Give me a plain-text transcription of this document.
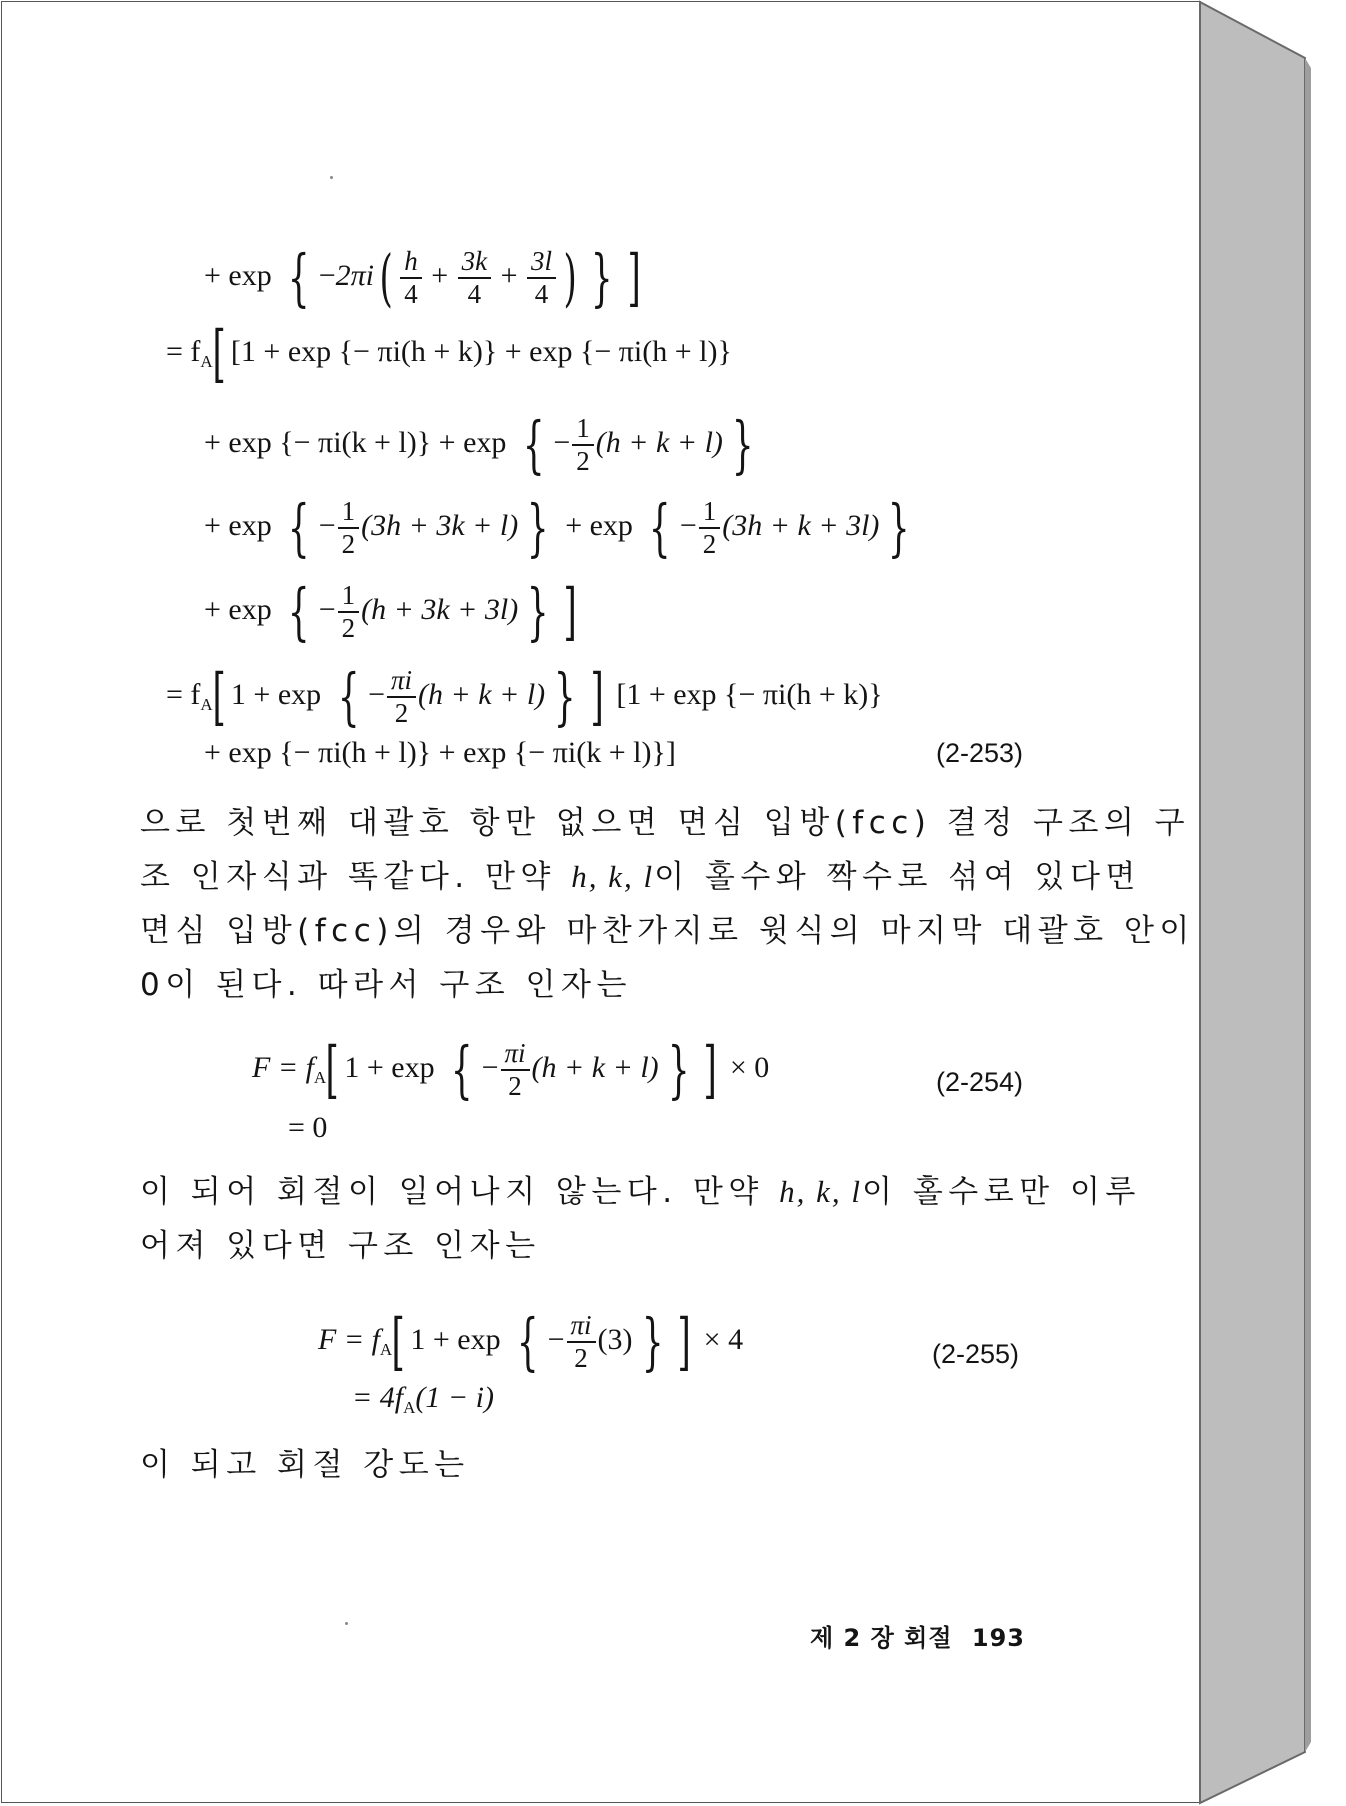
+ exp { $-2\pi i( \frac{h}{4} + \frac{3k}{4} + \frac{3l}{4}$ ) } ]
= $f_A$[ [1 + exp {− πi(h + k)} + exp {− πi(h + l)}
+ exp {− πi(k + l)} + exp { − $\frac{1}{2} (h + k + l)$ }
+ exp { − $\frac{1}{2} (3h + 3k + l)$ } + exp { − $\frac{1}{2} (3h + k + 3l)$ }
+ exp { − $\frac{1}{2} (h + 3k + 3l)$ } ]
= $f_A$[ 1 + exp { − $\frac{\pi i}{2} (h + k + l)$ } ] [1 + exp {− πi(h + k)}
+ exp {− πi(h + l)} + exp {− πi(k + l)}]	(2-253)
$F = f_A$[ 1 + exp { − $\frac{\pi i}{2} (h + k + l)$ } ] × 0
= 0
(2-254)
$F = f_A$[ 1 + exp { − $\frac{\pi i}{2} (3)$ } ] × 4
= $4f_A(1 - i)$
(2-255)
으로 첫번째 대괄호 항만 없으면 면심 입방(fcc) 결정 구조의 구
조 인자식과 똑같다. 만약 h, k, l이 홀수와 짝수로 섞여 있다면
면심 입방(fcc)의 경우와 마찬가지로 윗식의 마지막 대괄호 안이
0이 된다. 따라서 구조 인자는
이 되어 회절이 일어나지 않는다. 만약 h, k, l이 홀수로만 이루
어져 있다면 구조 인자는
이 되고 회절 강도는
제 2 장 회절 193
